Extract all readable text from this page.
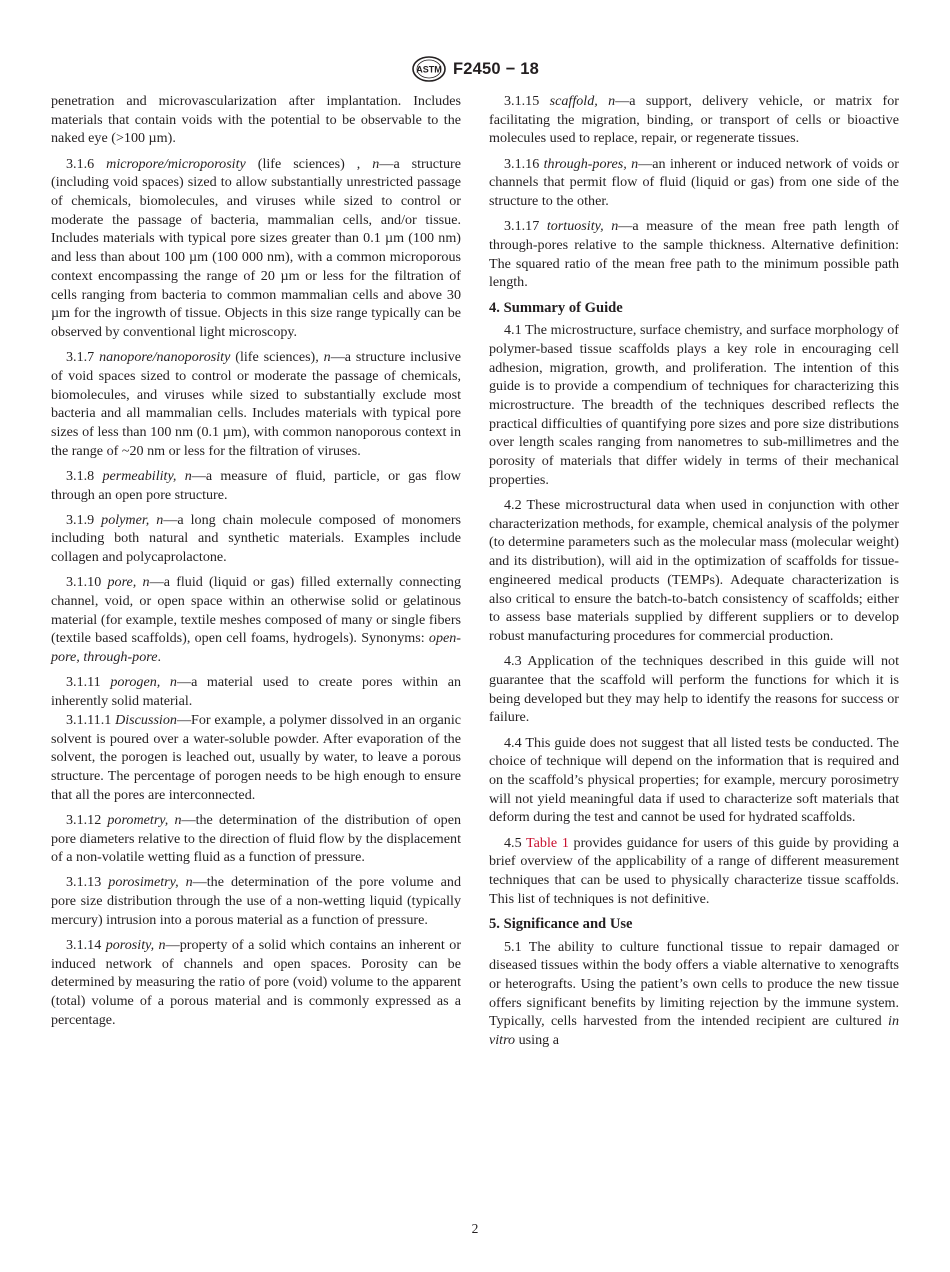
ASTM F2450 − 18

penetration and microvascularization after implantation. Includes materials that contain voids with the potential to be observable to the naked eye (>100 µm).

3.1.6 micropore/microporosity (life sciences) , n—a structure (including void spaces) sized to allow substantially unrestricted passage of chemicals, biomolecules, and viruses while sized to control or moderate the passage of bacteria, mammalian cells, and/or tissue. Includes materials with typical pore sizes greater than 0.1 µm (100 nm) and less than about 100 µm (100 000 nm), with a common microporous context encompassing the range of 20 µm or less for the filtration of cells ranging from bacteria to common mammalian cells and above 30 µm for the ingrowth of tissue. Objects in this size range typically can be observed by conventional light microscopy.

3.1.7 nanopore/nanoporosity (life sciences), n—a structure inclusive of void spaces sized to control or moderate the passage of chemicals, biomolecules, and viruses while sized to substantially exclude most bacteria and all mammalian cells. Includes materials with typical pore sizes of less than 100 nm (0.1 µm), with common nanoporous context in the range of ~20 nm or less for the filtration of viruses.

3.1.8 permeability, n—a measure of fluid, particle, or gas flow through an open pore structure.

3.1.9 polymer, n—a long chain molecule composed of monomers including both natural and synthetic materials. Examples include collagen and polycaprolactone.

3.1.10 pore, n—a fluid (liquid or gas) filled externally connecting channel, void, or open space within an otherwise solid or gelatinous material (for example, textile meshes composed of many or single fibers (textile based scaffolds), open cell foams, hydrogels). Synonyms: open-pore, through-pore.

3.1.11 porogen, n—a material used to create pores within an inherently solid material.

3.1.11.1 Discussion—For example, a polymer dissolved in an organic solvent is poured over a water-soluble powder. After evaporation of the solvent, the porogen is leached out, usually by water, to leave a porous structure. The percentage of porogen needs to be high enough to ensure that all the pores are interconnected.

3.1.12 porometry, n—the determination of the distribution of open pore diameters relative to the direction of fluid flow by the displacement of a non-volatile wetting fluid as a function of pressure.

3.1.13 porosimetry, n—the determination of the pore volume and pore size distribution through the use of a non-wetting liquid (typically mercury) intrusion into a porous material as a function of pressure.

3.1.14 porosity, n—property of a solid which contains an inherent or induced network of channels and open spaces. Porosity can be determined by measuring the ratio of pore (void) volume to the apparent (total) volume of a porous material and is commonly expressed as a percentage.

3.1.15 scaffold, n—a support, delivery vehicle, or matrix for facilitating the migration, binding, or transport of cells or bioactive molecules used to replace, repair, or regenerate tissues.

3.1.16 through-pores, n—an inherent or induced network of voids or channels that permit flow of fluid (liquid or gas) from one side of the structure to the other.

3.1.17 tortuosity, n—a measure of the mean free path length of through-pores relative to the sample thickness. Alternative definition: The squared ratio of the mean free path to the minimum possible path length.

4. Summary of Guide

4.1 The microstructure, surface chemistry, and surface morphology of polymer-based tissue scaffolds plays a key role in encouraging cell adhesion, migration, growth, and proliferation. The intention of this guide is to provide a compendium of techniques for characterizing this microstructure. The breadth of the techniques described reflects the practical difficulties of quantifying pore sizes and pore size distributions over length scales ranging from nanometres to sub-millimetres and the porosity of materials that differ widely in terms of their mechanical properties.

4.2 These microstructural data when used in conjunction with other characterization methods, for example, chemical analysis of the polymer (to determine parameters such as the molecular mass (molecular weight) and its distribution), will aid in the optimization of scaffolds for tissue-engineered medical products (TEMPs). Adequate characterization is also critical to ensure the batch-to-batch consistency of scaffolds; either to assess base materials supplied by different suppliers or to develop robust manufacturing procedures for commercial production.

4.3 Application of the techniques described in this guide will not guarantee that the scaffold will perform the functions for which it is being developed but they may help to identify the reasons for success or failure.

4.4 This guide does not suggest that all listed tests be conducted. The choice of technique will depend on the information that is required and on the scaffold’s physical properties; for example, mercury porosimetry will not yield meaningful data if used to characterize soft materials that deform during the test and cannot be used for hydrated scaffolds.

4.5 Table 1 provides guidance for users of this guide by providing a brief overview of the applicability of a range of different measurement techniques that can be used to physically characterize tissue scaffolds. This list of techniques is not definitive.

5. Significance and Use

5.1 The ability to culture functional tissue to repair damaged or diseased tissues within the body offers a viable alternative to xenografts or heterografts. Using the patient’s own cells to produce the new tissue offers significant benefits by limiting rejection by the immune system. Typically, cells harvested from the intended recipient are cultured in vitro using a

2
